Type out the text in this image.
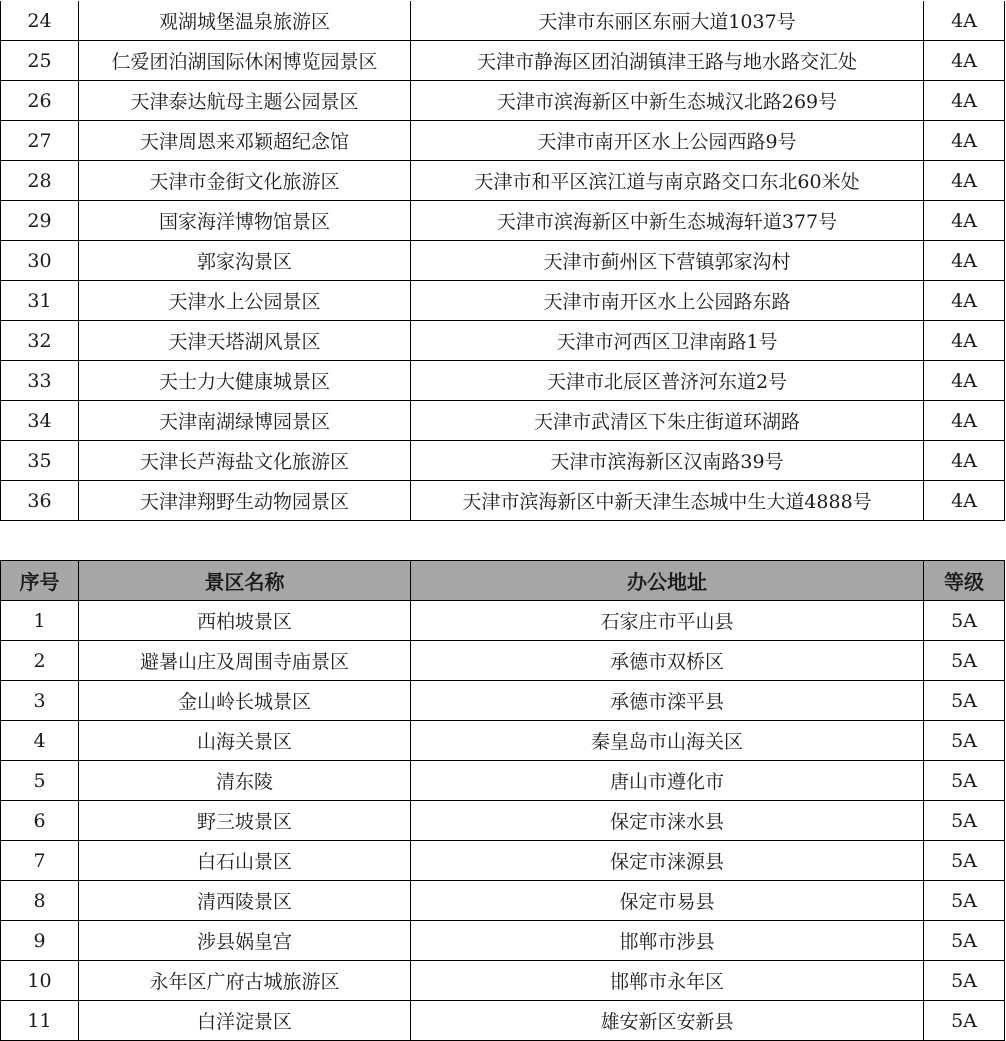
24	观湖城堡温泉旅游区	天津市东丽区东丽大道1037号	4A
25	仁爱团泊湖国际休闲博览园景区	天津市静海区团泊湖镇津王路与地水路交汇处	4A
26	天津泰达航母主题公园景区	天津市滨海新区中新生态城汉北路269号	4A
27	天津周恩来邓颖超纪念馆	天津市南开区水上公园西路9号	4A
28	天津市金街文化旅游区	天津市和平区滨江道与南京路交口东北60米处	4A
29	国家海洋博物馆景区	天津市滨海新区中新生态城海轩道377号	4A
30	郭家沟景区	天津市蓟州区下营镇郭家沟村	4A
31	天津水上公园景区	天津市南开区水上公园路东路	4A
32	天津天塔湖风景区	天津市河西区卫津南路1号	4A
33	天士力大健康城景区	天津市北辰区普济河东道2号	4A
34	天津南湖绿博园景区	天津市武清区下朱庄街道环湖路	4A
35	天津长芦海盐文化旅游区	天津市滨海新区汉南路39号	4A
36	天津津翔野生动物园景区	天津市滨海新区中新天津生态城中生大道4888号	4A
序号	景区名称	办公地址	等级
1	西柏坡景区	石家庄市平山县	5A
2	避暑山庄及周围寺庙景区	承德市双桥区	5A
3	金山岭长城景区	承德市滦平县	5A
4	山海关景区	秦皇岛市山海关区	5A
5	清东陵	唐山市遵化市	5A
6	野三坡景区	保定市涞水县	5A
7	白石山景区	保定市涞源县	5A
8	清西陵景区	保定市易县	5A
9	涉县娲皇宫	邯郸市涉县	5A
10	永年区广府古城旅游区	邯郸市永年区	5A
11	白洋淀景区	雄安新区安新县	5A
